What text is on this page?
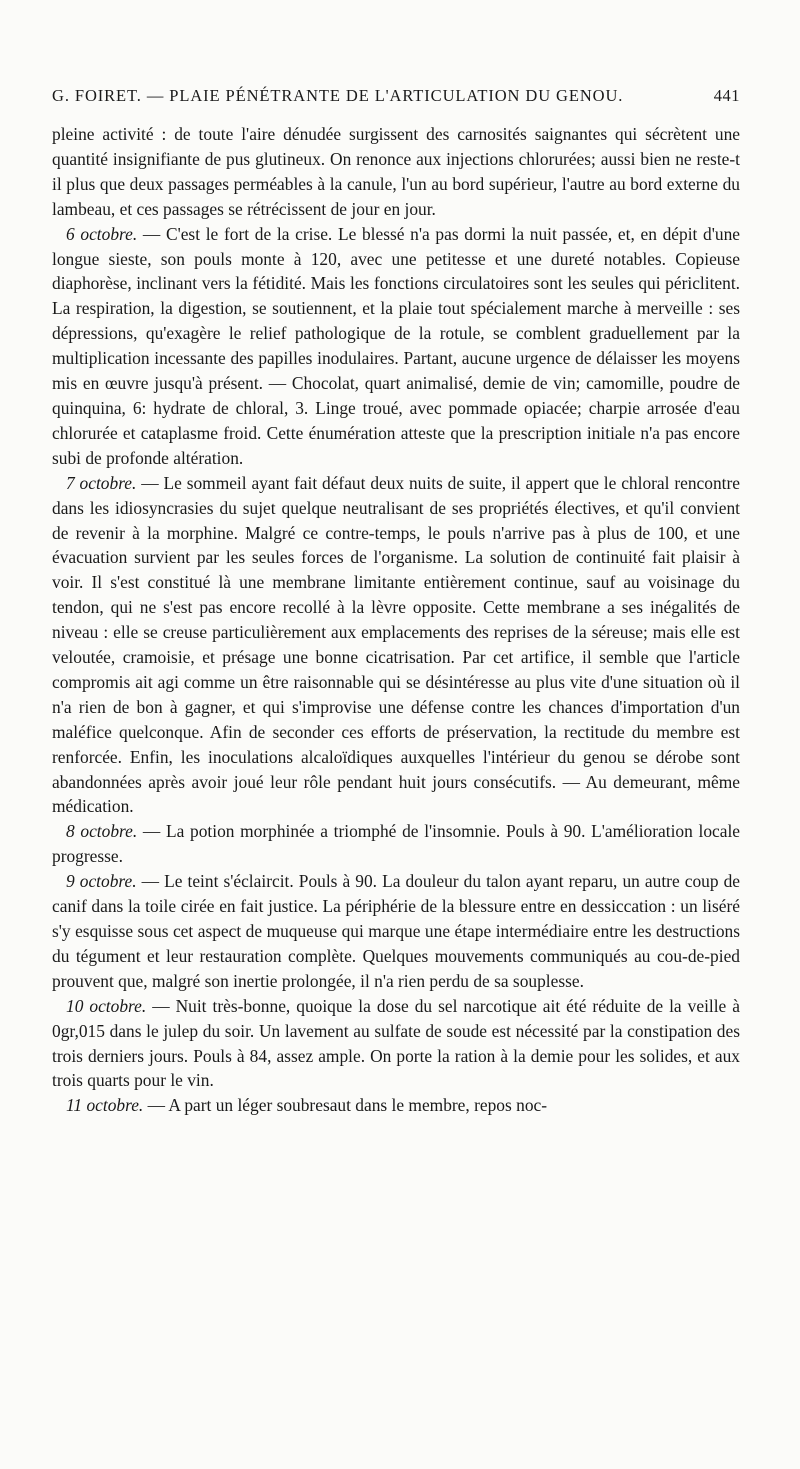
G. FOIRET. — PLAIE PÉNÉTRANTE DE L'ARTICULATION DU GENOU.	441

pleine activité : de toute l'aire dénudée surgissent des carnosités saignantes qui sécrètent une quantité insignifiante de pus glutineux. On renonce aux injections chlorurées; aussi bien ne reste-t il plus que deux passages perméables à la canule, l'un au bord supérieur, l'autre au bord externe du lambeau, et ces passages se rétrécissent de jour en jour.

6 octobre. — C'est le fort de la crise. Le blessé n'a pas dormi la nuit passée, et, en dépit d'une longue sieste, son pouls monte à 120, avec une petitesse et une dureté notables. Copieuse diaphorèse, inclinant vers la fétidité. Mais les fonctions circulatoires sont les seules qui périclitent. La respiration, la digestion, se soutiennent, et la plaie tout spécialement marche à merveille : ses dépressions, qu'exagère le relief pathologique de la rotule, se comblent graduellement par la multiplication incessante des papilles inodulaires. Partant, aucune urgence de délaisser les moyens mis en œuvre jusqu'à présent. — Chocolat, quart animalisé, demie de vin; camomille, poudre de quinquina, 6: hydrate de chloral, 3. Linge troué, avec pommade opiacée; charpie arrosée d'eau chlorurée et cataplasme froid. Cette énumération atteste que la prescription initiale n'a pas encore subi de profonde altération.

7 octobre. — Le sommeil ayant fait défaut deux nuits de suite, il appert que le chloral rencontre dans les idiosyncrasies du sujet quelque neutralisant de ses propriétés électives, et qu'il convient de revenir à la morphine. Malgré ce contre-temps, le pouls n'arrive pas à plus de 100, et une évacuation survient par les seules forces de l'organisme. La solution de continuité fait plaisir à voir. Il s'est constitué là une membrane limitante entièrement continue, sauf au voisinage du tendon, qui ne s'est pas encore recollé à la lèvre opposite. Cette membrane a ses inégalités de niveau : elle se creuse particulièrement aux emplacements des reprises de la séreuse; mais elle est veloutée, cramoisie, et présage une bonne cicatrisation. Par cet artifice, il semble que l'article compromis ait agi comme un être raisonnable qui se désintéresse au plus vite d'une situation où il n'a rien de bon à gagner, et qui s'improvise une défense contre les chances d'importation d'un maléfice quelconque. Afin de seconder ces efforts de préservation, la rectitude du membre est renforcée. Enfin, les inoculations alcaloïdiques auxquelles l'intérieur du genou se dérobe sont abandonnées après avoir joué leur rôle pendant huit jours consécutifs. — Au demeurant, même médication.

8 octobre. — La potion morphinée a triomphé de l'insomnie. Pouls à 90. L'amélioration locale progresse.

9 octobre. — Le teint s'éclaircit. Pouls à 90. La douleur du talon ayant reparu, un autre coup de canif dans la toile cirée en fait justice. La périphérie de la blessure entre en dessiccation : un liséré s'y esquisse sous cet aspect de muqueuse qui marque une étape intermédiaire entre les destructions du tégument et leur restauration complète. Quelques mouvements communiqués au cou-de-pied prouvent que, malgré son inertie prolongée, il n'a rien perdu de sa souplesse.

10 octobre. — Nuit très-bonne, quoique la dose du sel narcotique ait été réduite de la veille à 0gr,015 dans le julep du soir. Un lavement au sulfate de soude est nécessité par la constipation des trois derniers jours. Pouls à 84, assez ample. On porte la ration à la demie pour les solides, et aux trois quarts pour le vin.

11 octobre. — A part un léger soubresaut dans le membre, repos noc-
